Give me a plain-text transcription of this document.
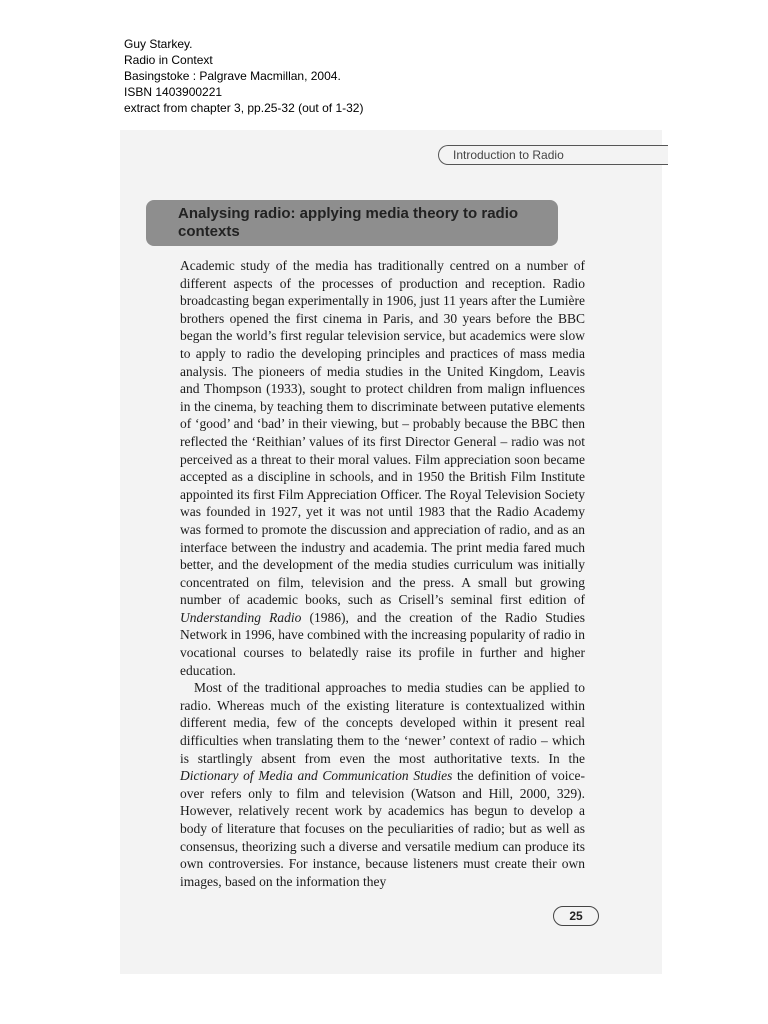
Guy Starkey.
Radio in Context
Basingstoke : Palgrave Macmillan, 2004.
ISBN 1403900221
extract from chapter 3, pp.25-32 (out of 1-32)
Introduction to Radio
Analysing radio: applying media theory to radio contexts

Academic study of the media has traditionally centred on a number of different aspects of the processes of production and reception. Radio broadcasting began experimentally in 1906, just 11 years after the Lumière brothers opened the first cinema in Paris, and 30 years before the BBC began the world’s first regular television service, but academics were slow to apply to radio the developing principles and practices of mass media analysis. The pioneers of media studies in the United Kingdom, Leavis and Thompson (1933), sought to protect children from malign influences in the cinema, by teaching them to discriminate between putative elements of ‘good’ and ‘bad’ in their viewing, but – probably because the BBC then reflected the ‘Reithian’ values of its first Director General – radio was not perceived as a threat to their moral values. Film appreciation soon became accepted as a discipline in schools, and in 1950 the British Film Institute appointed its first Film Appreciation Officer. The Royal Television Society was founded in 1927, yet it was not until 1983 that the Radio Academy was formed to promote the discussion and appreciation of radio, and as an interface between the industry and academia. The print media fared much better, and the development of the media studies curriculum was initially concentrated on film, television and the press. A small but growing number of academic books, such as Crisell’s seminal first edition of Understanding Radio (1986), and the creation of the Radio Studies Network in 1996, have combined with the increasing popularity of radio in vocational courses to belatedly raise its profile in further and higher education.

Most of the traditional approaches to media studies can be applied to radio. Whereas much of the existing literature is contextualized within different media, few of the concepts developed within it present real difficulties when translating them to the ‘newer’ context of radio – which is startlingly absent from even the most authoritative texts. In the Dictionary of Media and Communication Studies the definition of voice-over refers only to film and television (Watson and Hill, 2000, 329). However, relatively recent work by academics has begun to develop a body of literature that focuses on the peculiarities of radio; but as well as consensus, theorizing such a diverse and versatile medium can produce its own controversies. For instance, because listeners must create their own images, based on the information they

25
